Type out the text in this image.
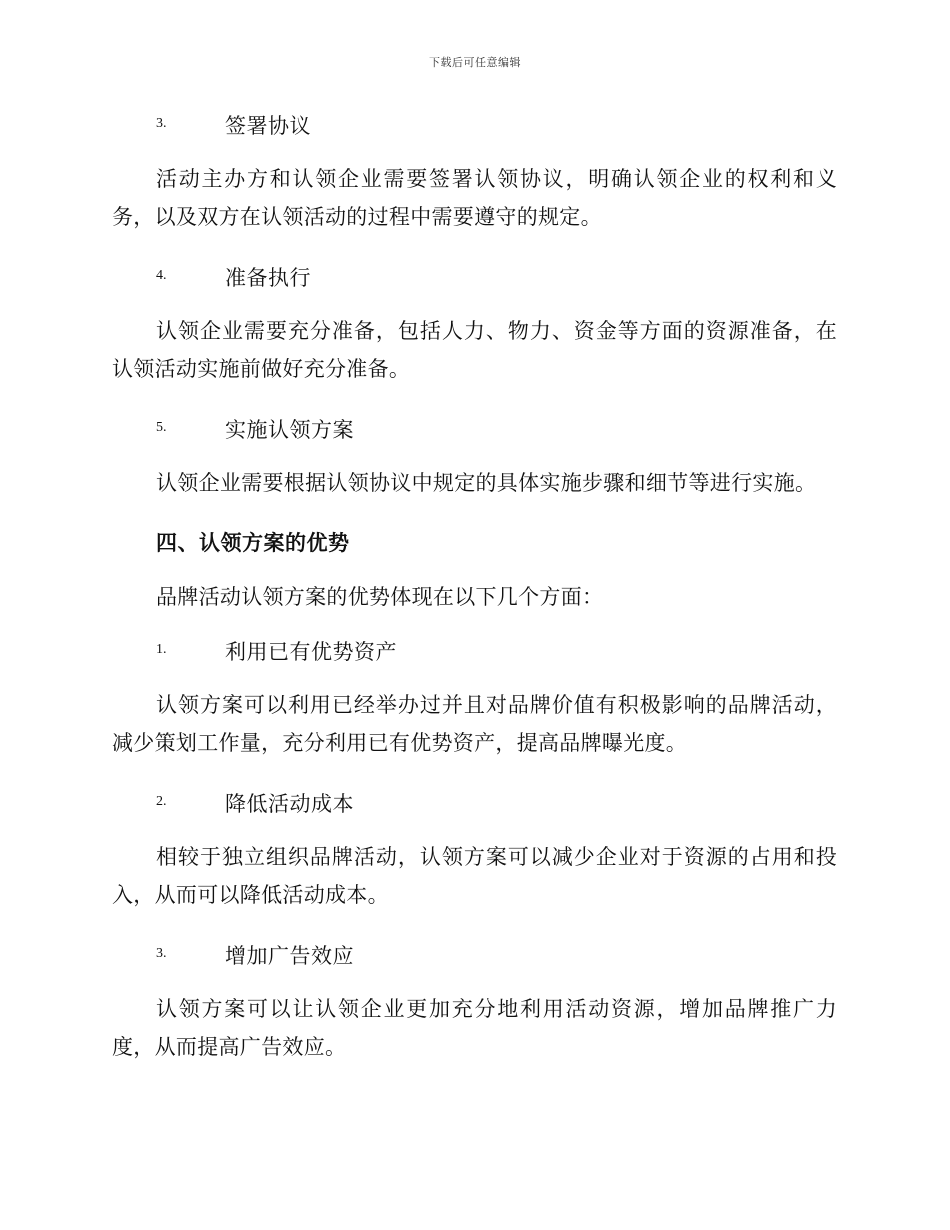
下载后可任意编辑
3.	签署协议

活动主办方和认领企业需要签署认领协议，明确认领企业的权利和义务，以及双方在认领活动的过程中需要遵守的规定。

4.	准备执行

认领企业需要充分准备，包括人力、物力、资金等方面的资源准备，在认领活动实施前做好充分准备。

5.	实施认领方案

认领企业需要根据认领协议中规定的具体实施步骤和细节等进行实施。

四、认领方案的优势
品牌活动认领方案的优势体现在以下几个方面：
1.	利用已有优势资产

认领方案可以利用已经举办过并且对品牌价值有积极影响的品牌活动，减少策划工作量，充分利用已有优势资产，提高品牌曝光度。

2.	降低活动成本

相较于独立组织品牌活动，认领方案可以减少企业对于资源的占用和投入，从而可以降低活动成本。

3.	增加广告效应

认领方案可以让认领企业更加充分地利用活动资源，增加品牌推广力度，从而提高广告效应。
